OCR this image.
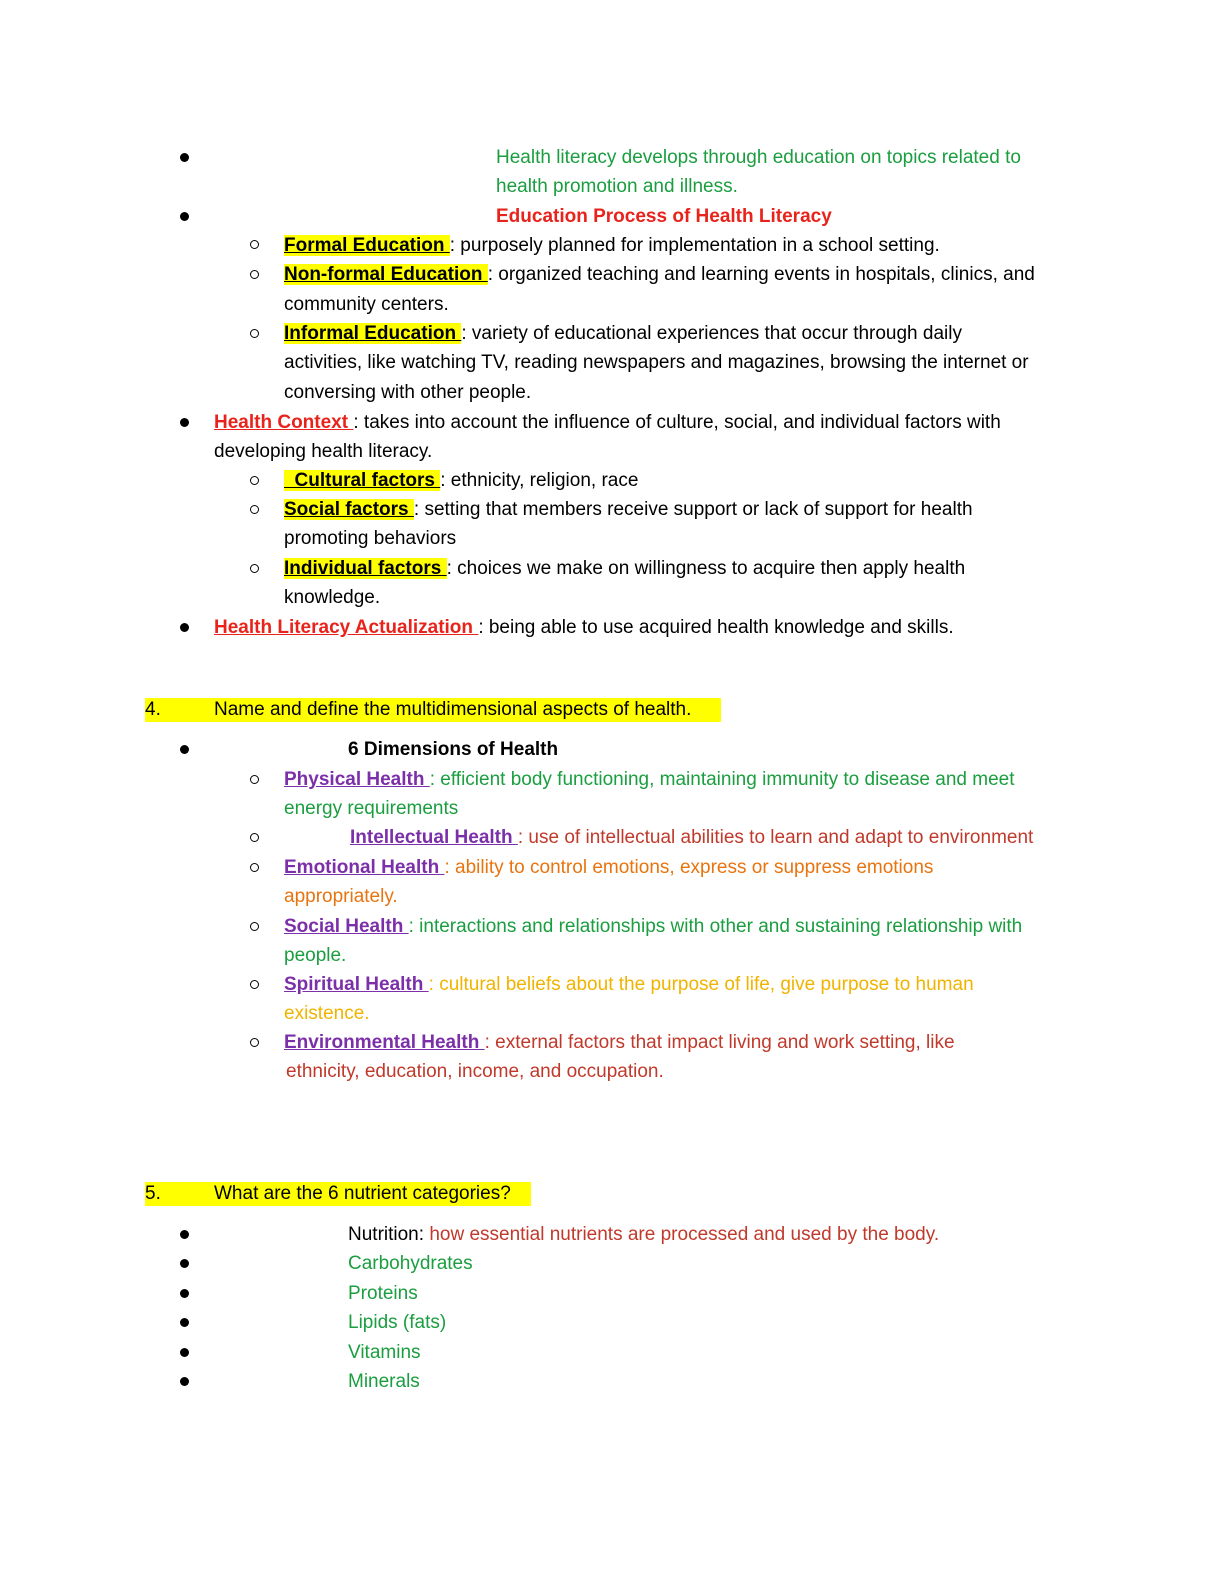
Health literacy develops through education on topics related to
health promotion and illness.
Education Process of Health Literacy
Formal Education : purposely planned for implementation in a school setting.
Non-formal Education : organized teaching and learning events in hospitals, clinics, and
community centers.
Informal Education : variety of educational experiences that occur through daily
activities, like watching TV, reading newspapers and magazines, browsing the internet or
conversing with other people.
Health Context : takes into account the influence of culture, social, and individual factors with
developing health literacy.
Cultural factors : ethnicity, religion, race
Social factors : setting that members receive support or lack of support for health
promoting behaviors
Individual factors : choices we make on willingness to acquire then apply health
knowledge.
Health Literacy Actualization : being able to use acquired health knowledge and skills.
4.	Name and define the multidimensional aspects of health.
6 Dimensions of Health
Physical Health : efficient body functioning, maintaining immunity to disease and meet
energy requirements
Intellectual Health : use of intellectual abilities to learn and adapt to environment
Emotional Health : ability to control emotions, express or suppress emotions
appropriately.
Social Health : interactions and relationships with other and sustaining relationship with
people.
Spiritual Health : cultural beliefs about the purpose of life, give purpose to human
existence.
Environmental Health : external factors that impact living and work setting, like
ethnicity, education, income, and occupation.
5.	What are the 6 nutrient categories?
Nutrition: how essential nutrients are processed and used by the body.
Carbohydrates
Proteins
Lipids (fats)
Vitamins
Minerals
